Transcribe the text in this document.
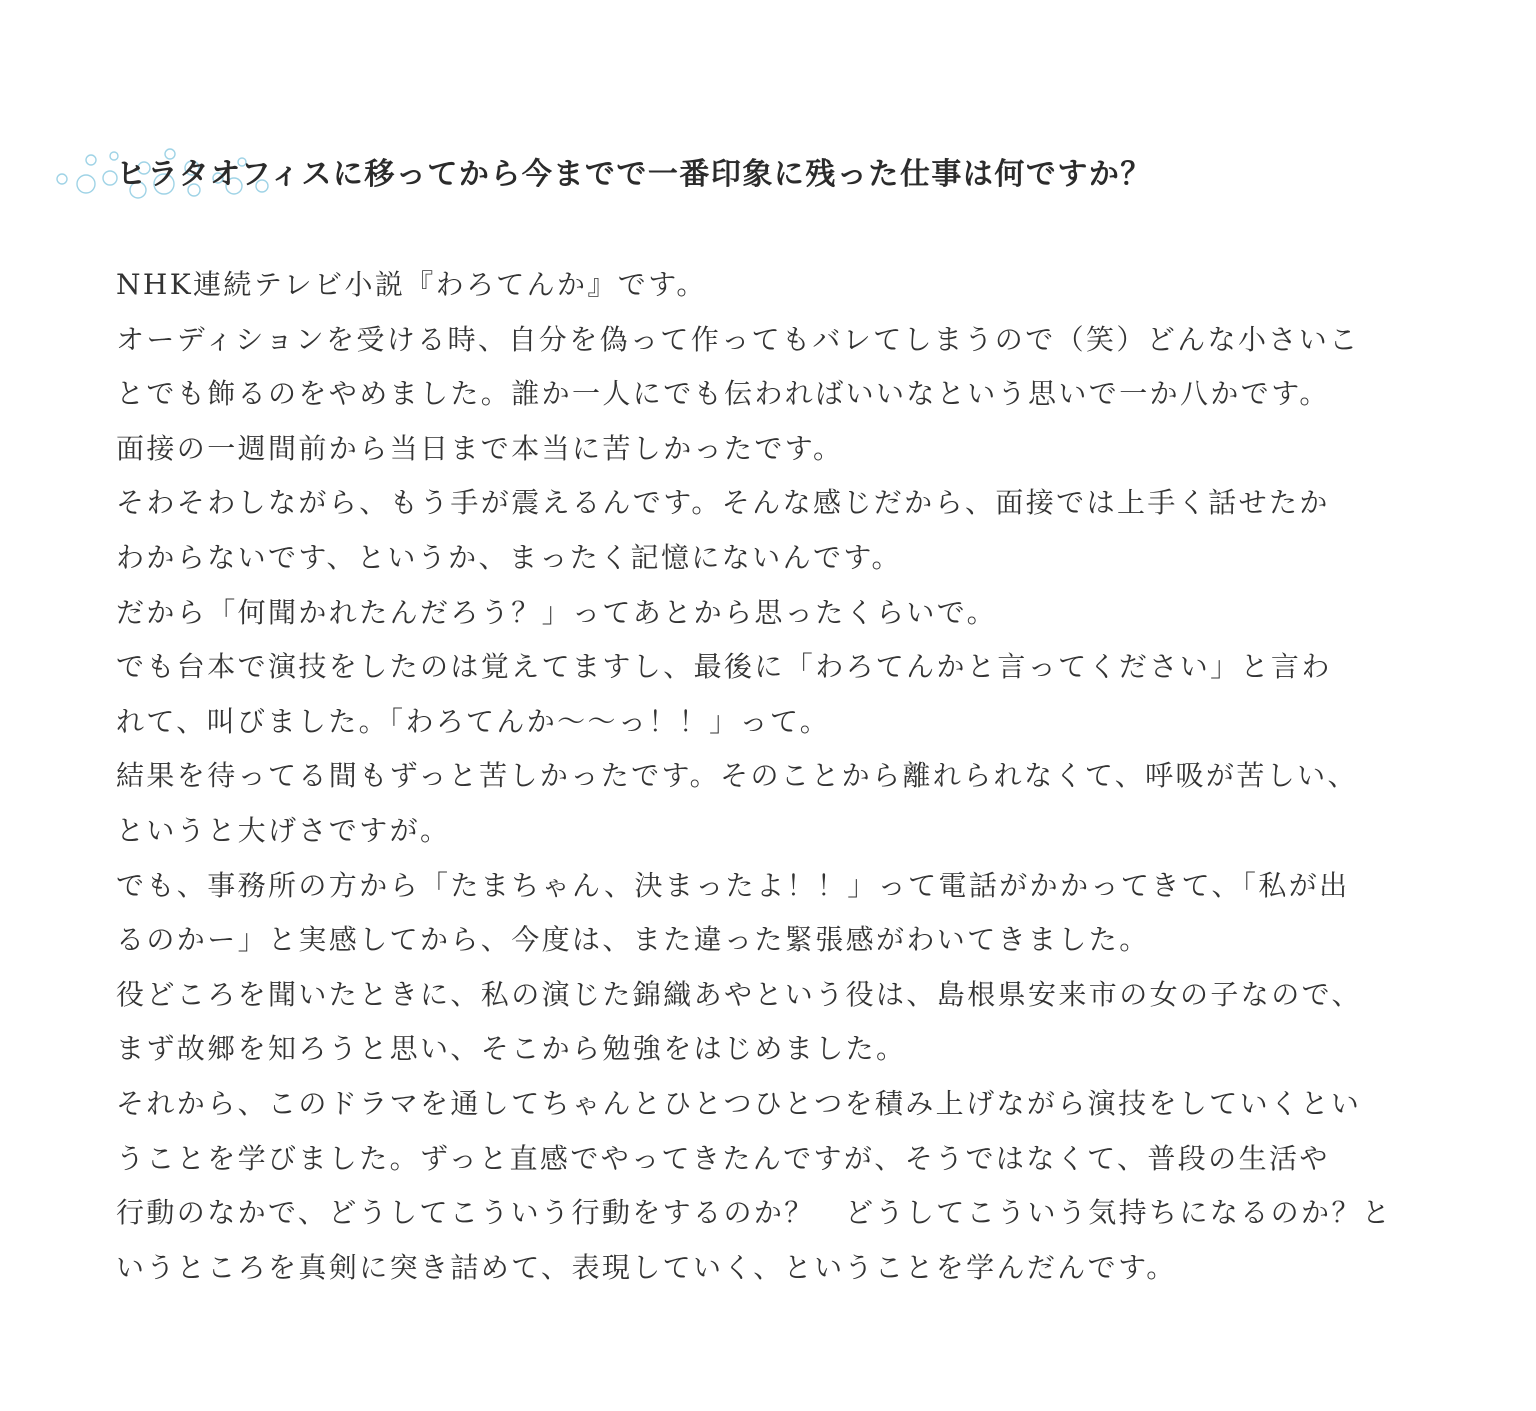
ヒラタオフィスに移ってから今までで一番印象に残った仕事は何ですか？

NHK連続テレビ小説『わろてんか』です。

オーディションを受ける時、自分を偽って作ってもバレてしまうので（笑）どんな小さいこ

とでも飾るのをやめました。誰か一人にでも伝わればいいなという思いで一か八かです。

面接の一週間前から当日まで本当に苦しかったです。

そわそわしながら、もう手が震えるんです。そんな感じだから、面接では上手く話せたか

わからないです、というか、まったく記憶にないんです。

だから「何聞かれたんだろう？」ってあとから思ったくらいで。

でも台本で演技をしたのは覚えてますし、最後に「わろてんかと言ってください」と言わ

れて、叫びました。「わろてんか〜〜っ！！」って。

結果を待ってる間もずっと苦しかったです。そのことから離れられなくて、呼吸が苦しい、

というと大げさですが。

でも、事務所の方から「たまちゃん、決まったよ！！」って電話がかかってきて、「私が出

るのかー」と実感してから、今度は、また違った緊張感がわいてきました。

役どころを聞いたときに、私の演じた錦織あやという役は、島根県安来市の女の子なので、

まず故郷を知ろうと思い、そこから勉強をはじめました。

それから、このドラマを通してちゃんとひとつひとつを積み上げながら演技をしていくとい

うことを学びました。ずっと直感でやってきたんですが、そうではなくて、普段の生活や

行動のなかで、どうしてこういう行動をするのか？　どうしてこういう気持ちになるのか？と

いうところを真剣に突き詰めて、表現していく、ということを学んだんです。
